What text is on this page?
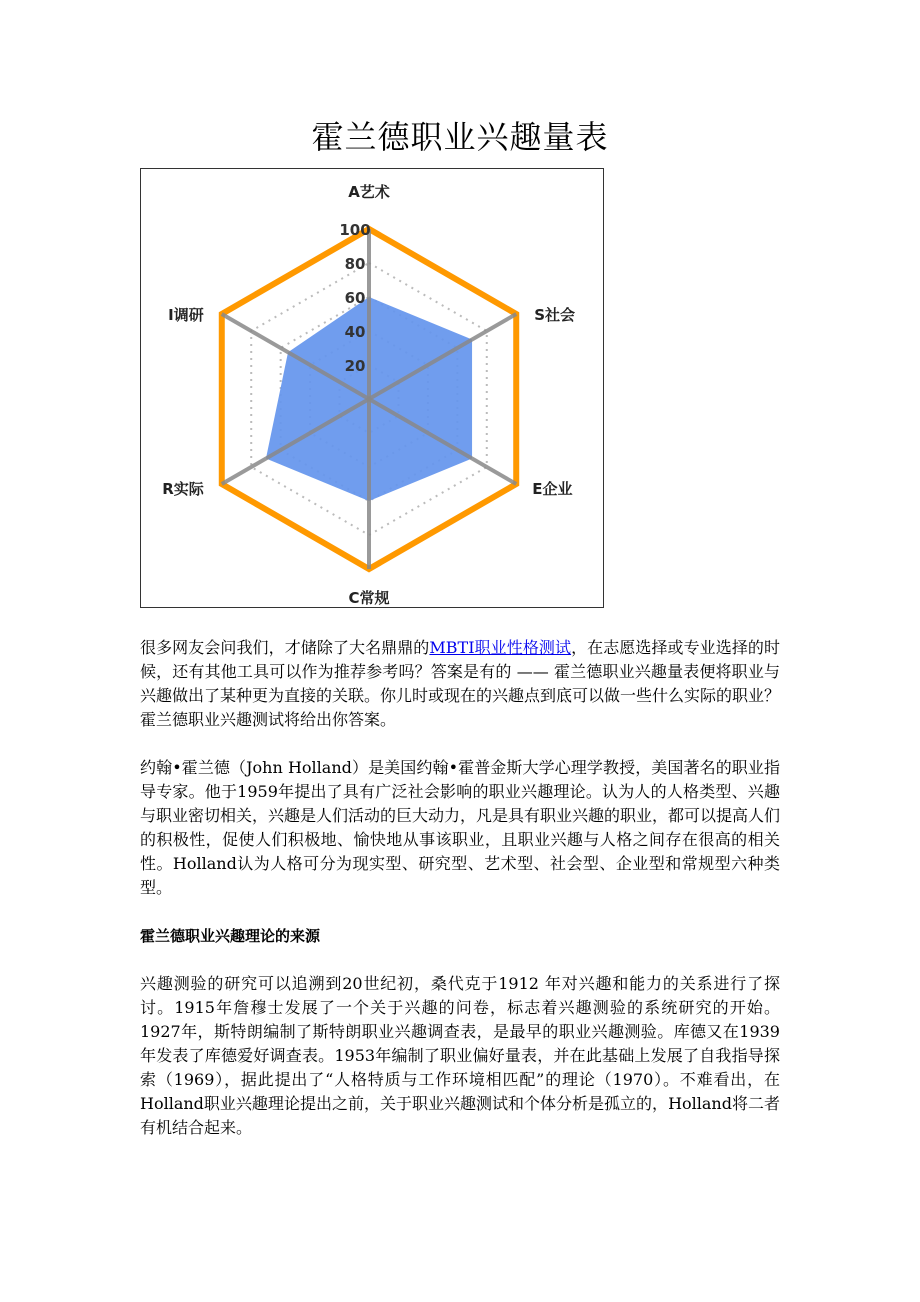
霍兰德职业兴趣量表
20
40
60
80
100
A艺术
S社会
E企业
C常规
R实际
I调研

很多网友会问我们，才储除了大名鼎鼎的MBTI职业性格测试，在志愿选择或专业选择的时候，还有其他工具可以作为推荐参考吗？答案是有的 —— 霍兰德职业兴趣量表便将职业与兴趣做出了某种更为直接的关联。你儿时或现在的兴趣点到底可以做一些什么实际的职业？霍兰德职业兴趣测试将给出你答案。

约翰•霍兰德（John Holland）是美国约翰•霍普金斯大学心理学教授，美国著名的职业指导专家。他于1959年提出了具有广泛社会影响的职业兴趣理论。认为人的人格类型、兴趣与职业密切相关，兴趣是人们活动的巨大动力，凡是具有职业兴趣的职业，都可以提高人们的积极性，促使人们积极地、愉快地从事该职业，且职业兴趣与人格之间存在很高的相关性。Holland认为人格可分为现实型、研究型、艺术型、社会型、企业型和常规型六种类型。

霍兰德职业兴趣理论的来源

兴趣测验的研究可以追溯到20世纪初，桑代克于1912 年对兴趣和能力的关系进行了探讨。1915年詹穆士发展了一个关于兴趣的问卷，标志着兴趣测验的系统研究的开始。1927年，斯特朗编制了斯特朗职业兴趣调查表，是最早的职业兴趣测验。库德又在1939 年发表了库德爱好调查表。1953年编制了职业偏好量表，并在此基础上发展了自我指导探索（1969），据此提出了“人格特质与工作环境相匹配”的理论（1970）。不难看出，在Holland职业兴趣理论提出之前，关于职业兴趣测试和个体分析是孤立的，Holland将二者有机结合起来。
